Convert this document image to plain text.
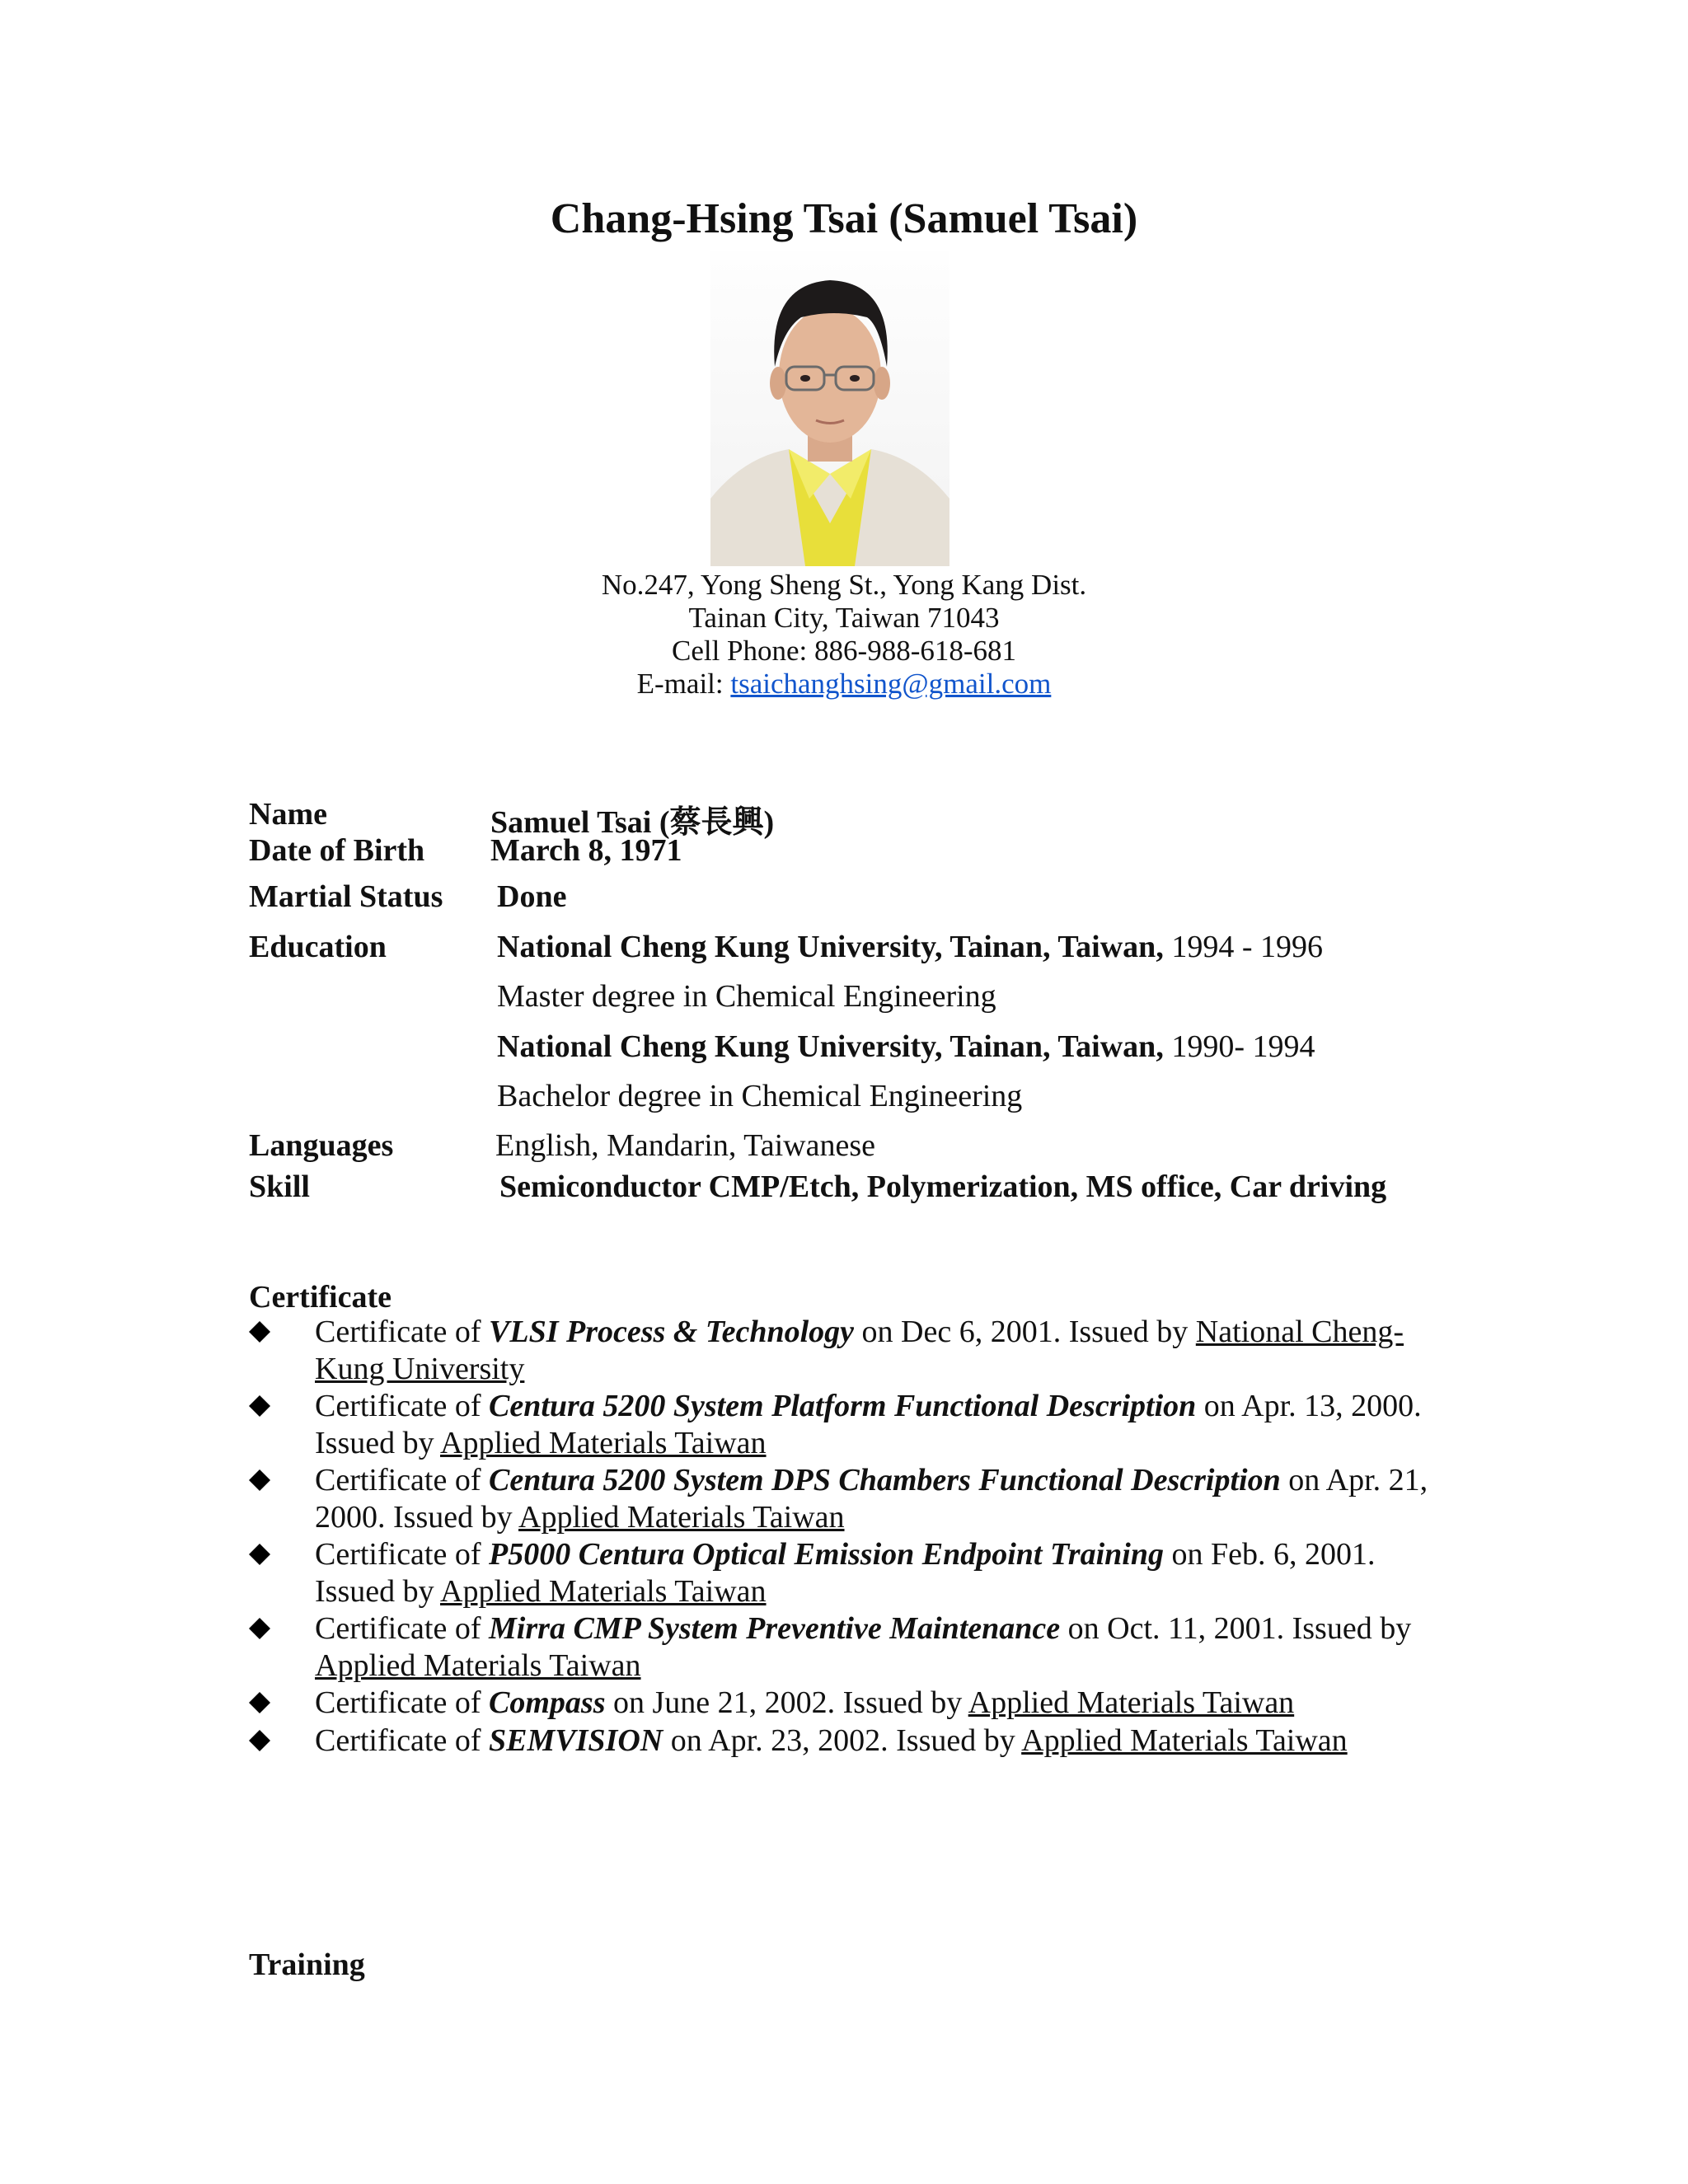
Chang-Hsing Tsai (Samuel Tsai)
No.247, Yong Sheng St., Yong Kang Dist.
Tainan City, Taiwan 71043
Cell Phone: 886-988-618-681
E-mail: tsaichanghsing@gmail.com
Name	Samuel Tsai (蔡長興)
Date of Birth March 8, 1971
Martial Status Done
Education	National Cheng Kung University, Tainan, Taiwan, 1994 - 1996
Master degree in Chemical Engineering
National Cheng Kung University, Tainan, Taiwan, 1990- 1994
Bachelor degree in Chemical Engineering
Languages	English, Mandarin, Taiwanese
Skill	Semiconductor CMP/Etch, Polymerization, MS office, Car driving
Certificate
Certificate of VLSI Process & Technology on Dec 6, 2001. Issued by National Cheng-Kung University
Certificate of Centura 5200 System Platform Functional Description on Apr. 13, 2000. Issued by Applied Materials Taiwan
Certificate of Centura 5200 System DPS Chambers Functional Description on Apr. 21, 2000. Issued by Applied Materials Taiwan
Certificate of P5000 Centura Optical Emission Endpoint Training on Feb. 6, 2001. Issued by Applied Materials Taiwan
Certificate of Mirra CMP System Preventive Maintenance on Oct. 11, 2001. Issued by Applied Materials Taiwan
Certificate of Compass on June 21, 2002. Issued by Applied Materials Taiwan
Certificate of SEMVISION on Apr. 23, 2002. Issued by Applied Materials Taiwan
Training
